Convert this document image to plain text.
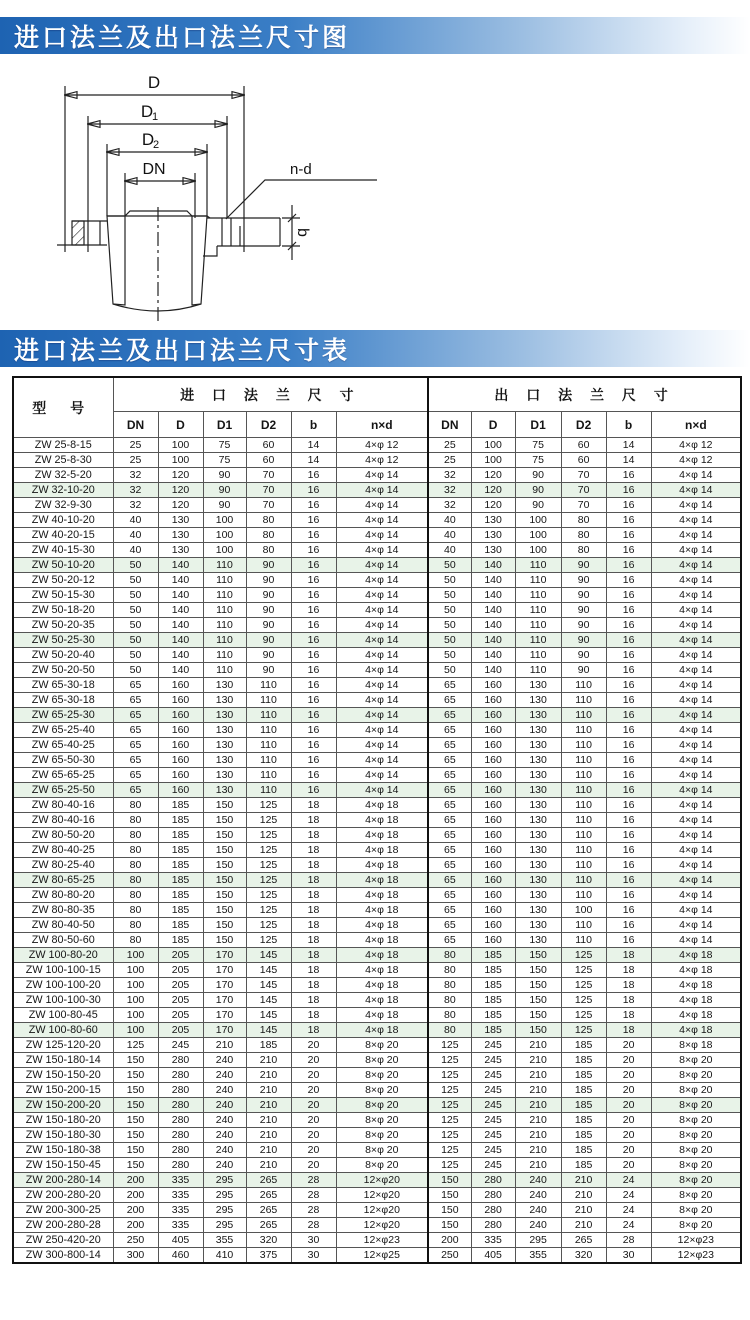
进口法兰及出口法兰尺寸图
D
D
1
D
2
DN	n-d
b
进口法兰及出口法兰尺寸表
型 号	进 口 法 兰 尺 寸						出 口 法 兰 尺 寸					
	DN	D	D1	D2	b	n×d	DN	D	D1	D2	b	n×d
ZW 25-8-15	25	100	75	60	14	4×φ 12	25	100	75	60	14	4×φ 12
ZW 25-8-30	25	100	75	60	14	4×φ 12	25	100	75	60	14	4×φ 12
ZW 32-5-20	32	120	90	70	16	4×φ 14	32	120	90	70	16	4×φ 14
ZW 32-10-20	32	120	90	70	16	4×φ 14	32	120	90	70	16	4×φ 14
ZW 32-9-30	32	120	90	70	16	4×φ 14	32	120	90	70	16	4×φ 14
ZW 40-10-20	40	130	100	80	16	4×φ 14	40	130	100	80	16	4×φ 14
ZW 40-20-15	40	130	100	80	16	4×φ 14	40	130	100	80	16	4×φ 14
ZW 40-15-30	40	130	100	80	16	4×φ 14	40	130	100	80	16	4×φ 14
ZW 50-10-20	50	140	110	90	16	4×φ 14	50	140	110	90	16	4×φ 14
ZW 50-20-12	50	140	110	90	16	4×φ 14	50	140	110	90	16	4×φ 14
ZW 50-15-30	50	140	110	90	16	4×φ 14	50	140	110	90	16	4×φ 14
ZW 50-18-20	50	140	110	90	16	4×φ 14	50	140	110	90	16	4×φ 14
ZW 50-20-35	50	140	110	90	16	4×φ 14	50	140	110	90	16	4×φ 14
ZW 50-25-30	50	140	110	90	16	4×φ 14	50	140	110	90	16	4×φ 14
ZW 50-20-40	50	140	110	90	16	4×φ 14	50	140	110	90	16	4×φ 14
ZW 50-20-50	50	140	110	90	16	4×φ 14	50	140	110	90	16	4×φ 14
ZW 65-30-18	65	160	130	110	16	4×φ 14	65	160	130	110	16	4×φ 14
ZW 65-30-18	65	160	130	110	16	4×φ 14	65	160	130	110	16	4×φ 14
ZW 65-25-30	65	160	130	110	16	4×φ 14	65	160	130	110	16	4×φ 14
ZW 65-25-40	65	160	130	110	16	4×φ 14	65	160	130	110	16	4×φ 14
ZW 65-40-25	65	160	130	110	16	4×φ 14	65	160	130	110	16	4×φ 14
ZW 65-50-30	65	160	130	110	16	4×φ 14	65	160	130	110	16	4×φ 14
ZW 65-65-25	65	160	130	110	16	4×φ 14	65	160	130	110	16	4×φ 14
ZW 65-25-50	65	160	130	110	16	4×φ 14	65	160	130	110	16	4×φ 14
ZW 80-40-16	80	185	150	125	18	4×φ 18	65	160	130	110	16	4×φ 14
ZW 80-40-16	80	185	150	125	18	4×φ 18	65	160	130	110	16	4×φ 14
ZW 80-50-20	80	185	150	125	18	4×φ 18	65	160	130	110	16	4×φ 14
ZW 80-40-25	80	185	150	125	18	4×φ 18	65	160	130	110	16	4×φ 14
ZW 80-25-40	80	185	150	125	18	4×φ 18	65	160	130	110	16	4×φ 14
ZW 80-65-25	80	185	150	125	18	4×φ 18	65	160	130	110	16	4×φ 14
ZW 80-80-20	80	185	150	125	18	4×φ 18	65	160	130	110	16	4×φ 14
ZW 80-80-35	80	185	150	125	18	4×φ 18	65	160	130	100	16	4×φ 14
ZW 80-40-50	80	185	150	125	18	4×φ 18	65	160	130	110	16	4×φ 14
ZW 80-50-60	80	185	150	125	18	4×φ 18	65	160	130	110	16	4×φ 14
ZW 100-80-20	100	205	170	145	18	4×φ 18	80	185	150	125	18	4×φ 18
ZW 100-100-15	100	205	170	145	18	4×φ 18	80	185	150	125	18	4×φ 18
ZW 100-100-20	100	205	170	145	18	4×φ 18	80	185	150	125	18	4×φ 18
ZW 100-100-30	100	205	170	145	18	4×φ 18	80	185	150	125	18	4×φ 18
ZW 100-80-45	100	205	170	145	18	4×φ 18	80	185	150	125	18	4×φ 18
ZW 100-80-60	100	205	170	145	18	4×φ 18	80	185	150	125	18	4×φ 18
ZW 125-120-20	125	245	210	185	20	8×φ 20	125	245	210	185	20	8×φ 18
ZW 150-180-14	150	280	240	210	20	8×φ 20	125	245	210	185	20	8×φ 20
ZW 150-150-20	150	280	240	210	20	8×φ 20	125	245	210	185	20	8×φ 20
ZW 150-200-15	150	280	240	210	20	8×φ 20	125	245	210	185	20	8×φ 20
ZW 150-200-20	150	280	240	210	20	8×φ 20	125	245	210	185	20	8×φ 20
ZW 150-180-20	150	280	240	210	20	8×φ 20	125	245	210	185	20	8×φ 20
ZW 150-180-30	150	280	240	210	20	8×φ 20	125	245	210	185	20	8×φ 20
ZW 150-180-38	150	280	240	210	20	8×φ 20	125	245	210	185	20	8×φ 20
ZW 150-150-45	150	280	240	210	20	8×φ 20	125	245	210	185	20	8×φ 20
ZW 200-280-14	200	335	295	265	28	12×φ20	150	280	240	210	24	8×φ 20
ZW 200-280-20	200	335	295	265	28	12×φ20	150	280	240	210	24	8×φ 20
ZW 200-300-25	200	335	295	265	28	12×φ20	150	280	240	210	24	8×φ 20
ZW 200-280-28	200	335	295	265	28	12×φ20	150	280	240	210	24	8×φ 20
ZW 250-420-20	250	405	355	320	30	12×φ23	200	335	295	265	28	12×φ23
ZW 300-800-14	300	460	410	375	30	12×φ25	250	405	355	320	30	12×φ23
